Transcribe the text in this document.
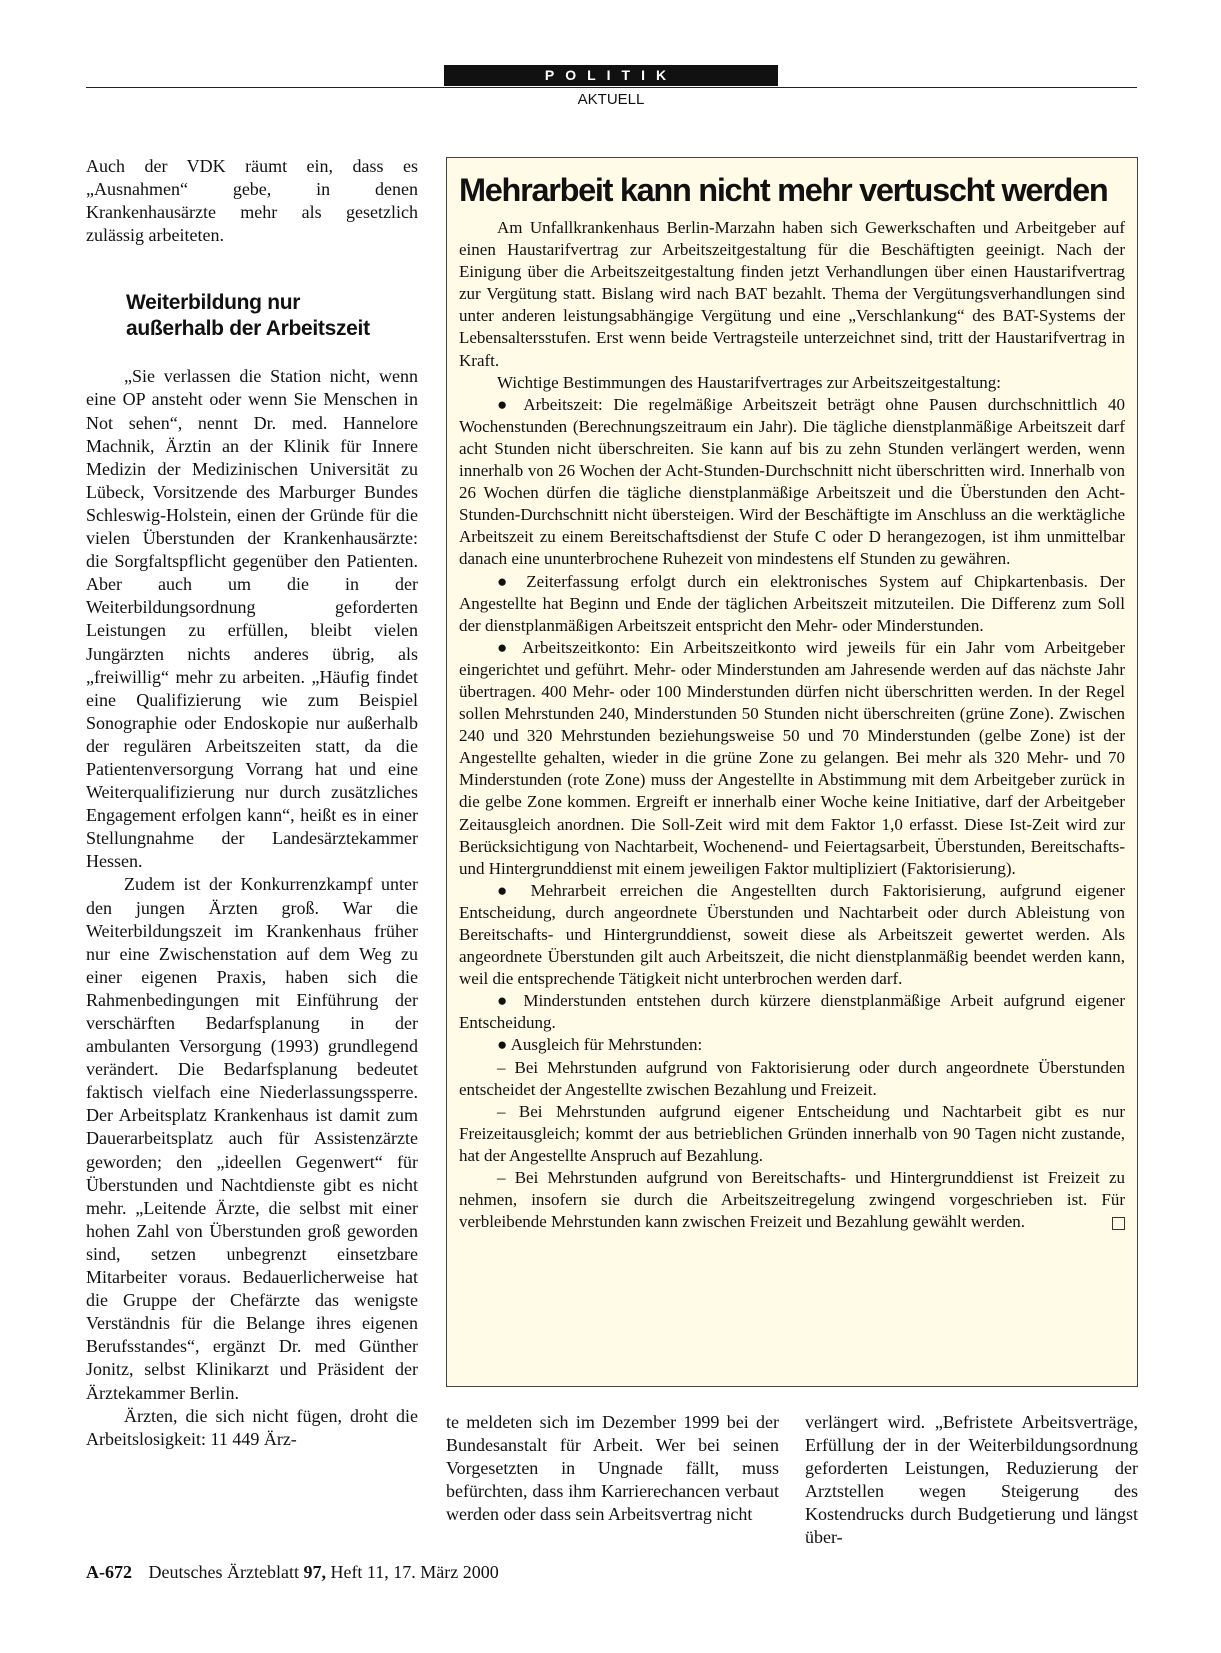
POLITIK
AKTUELL

Auch der VDK räumt ein, dass es „Ausnahmen“ gebe, in denen Krankenhausärzte mehr als gesetzlich zulässig arbeiteten.

Weiterbildung nur
außerhalb der Arbeitszeit

„Sie verlassen die Station nicht, wenn eine OP ansteht oder wenn Sie Menschen in Not sehen“, nennt Dr. med. Hannelore Machnik, Ärztin an der Klinik für Innere Medizin der Medizinischen Universität zu Lübeck, Vorsitzende des Marburger Bundes Schleswig-Holstein, einen der Gründe für die vielen Überstunden der Krankenhausärzte: die Sorgfaltspflicht gegenüber den Patienten. Aber auch um die in der Weiterbildungsordnung geforderten Leistungen zu erfüllen, bleibt vielen Jungärzten nichts anderes übrig, als „freiwillig“ mehr zu arbeiten. „Häufig findet eine Qualifizierung wie zum Beispiel Sonographie oder Endoskopie nur außerhalb der regulären Arbeitszeiten statt, da die Patientenversorgung Vorrang hat und eine Weiterqualifizierung nur durch zusätzliches Engagement erfolgen kann“, heißt es in einer Stellungnahme der Landesärztekammer Hessen.

Zudem ist der Konkurrenzkampf unter den jungen Ärzten groß. War die Weiterbildungszeit im Krankenhaus früher nur eine Zwischenstation auf dem Weg zu einer eigenen Praxis, haben sich die Rahmenbedingungen mit Einführung der verschärften Bedarfsplanung in der ambulanten Versorgung (1993) grundlegend verändert. Die Bedarfsplanung bedeutet faktisch vielfach eine Niederlassungssperre. Der Arbeitsplatz Krankenhaus ist damit zum Dauerarbeitsplatz auch für Assistenzärzte geworden; den „ideellen Gegenwert“ für Überstunden und Nachtdienste gibt es nicht mehr. „Leitende Ärzte, die selbst mit einer hohen Zahl von Überstunden groß geworden sind, setzen unbegrenzt einsetzbare Mitarbeiter voraus. Bedauerlicherweise hat die Gruppe der Chefärzte das wenigste Verständnis für die Belange ihres eigenen Berufsstandes“, ergänzt Dr. med Günther Jonitz, selbst Klinikarzt und Präsident der Ärztekammer Berlin.

Ärzten, die sich nicht fügen, droht die Arbeitslosigkeit: 11 449 Ärz-

Mehrarbeit kann nicht mehr vertuscht werden

Am Unfallkrankenhaus Berlin-Marzahn haben sich Gewerkschaften und Arbeitgeber auf einen Haustarifvertrag zur Arbeitszeitgestaltung für die Beschäftigten geeinigt. Nach der Einigung über die Arbeitszeitgestaltung finden jetzt Verhandlungen über einen Haustarifvertrag zur Vergütung statt. Bislang wird nach BAT bezahlt. Thema der Vergütungsverhandlungen sind unter anderen leistungsabhängige Vergütung und eine „Verschlankung“ des BAT-Systems der Lebensaltersstufen. Erst wenn beide Vertragsteile unterzeichnet sind, tritt der Haustarifvertrag in Kraft.

Wichtige Bestimmungen des Haustarifvertrages zur Arbeitszeitgestaltung:

● Arbeitszeit: Die regelmäßige Arbeitszeit beträgt ohne Pausen durchschnittlich 40 Wochenstunden (Berechnungszeitraum ein Jahr). Die tägliche dienstplanmäßige Arbeitszeit darf acht Stunden nicht überschreiten. Sie kann auf bis zu zehn Stunden verlängert werden, wenn innerhalb von 26 Wochen der Acht-Stunden-Durchschnitt nicht überschritten wird. Innerhalb von 26 Wochen dürfen die tägliche dienstplanmäßige Arbeitszeit und die Überstunden den Acht-Stunden-Durchschnitt nicht übersteigen. Wird der Beschäftigte im Anschluss an die werktägliche Arbeitszeit zu einem Bereitschaftsdienst der Stufe C oder D herangezogen, ist ihm unmittelbar danach eine ununterbrochene Ruhezeit von mindestens elf Stunden zu gewähren.

● Zeiterfassung erfolgt durch ein elektronisches System auf Chipkartenbasis. Der Angestellte hat Beginn und Ende der täglichen Arbeitszeit mitzuteilen. Die Differenz zum Soll der dienstplanmäßigen Arbeitszeit entspricht den Mehr- oder Minderstunden.

● Arbeitszeitkonto: Ein Arbeitszeitkonto wird jeweils für ein Jahr vom Arbeitgeber eingerichtet und geführt. Mehr- oder Minderstunden am Jahresende werden auf das nächste Jahr übertragen. 400 Mehr- oder 100 Minderstunden dürfen nicht überschritten werden. In der Regel sollen Mehrstunden 240, Minderstunden 50 Stunden nicht überschreiten (grüne Zone). Zwischen 240 und 320 Mehrstunden beziehungsweise 50 und 70 Minderstunden (gelbe Zone) ist der Angestellte gehalten, wieder in die grüne Zone zu gelangen. Bei mehr als 320 Mehr- und 70 Minderstunden (rote Zone) muss der Angestellte in Abstimmung mit dem Arbeitgeber zurück in die gelbe Zone kommen. Ergreift er innerhalb einer Woche keine Initiative, darf der Arbeitgeber Zeitausgleich anordnen. Die Soll-Zeit wird mit dem Faktor 1,0 erfasst. Diese Ist-Zeit wird zur Berücksichtigung von Nachtarbeit, Wochenend- und Feiertagsarbeit, Überstunden, Bereitschafts- und Hintergrunddienst mit einem jeweiligen Faktor multipliziert (Faktorisierung).

● Mehrarbeit erreichen die Angestellten durch Faktorisierung, aufgrund eigener Entscheidung, durch angeordnete Überstunden und Nachtarbeit oder durch Ableistung von Bereitschafts- und Hintergrunddienst, soweit diese als Arbeitszeit gewertet werden. Als angeordnete Überstunden gilt auch Arbeitszeit, die nicht dienstplanmäßig beendet werden kann, weil die entsprechende Tätigkeit nicht unterbrochen werden darf.

● Minderstunden entstehen durch kürzere dienstplanmäßige Arbeit aufgrund eigener Entscheidung.

● Ausgleich für Mehrstunden:

– Bei Mehrstunden aufgrund von Faktorisierung oder durch angeordnete Überstunden entscheidet der Angestellte zwischen Bezahlung und Freizeit.

– Bei Mehrstunden aufgrund eigener Entscheidung und Nachtarbeit gibt es nur Freizeitausgleich; kommt der aus betrieblichen Gründen innerhalb von 90 Tagen nicht zustande, hat der Angestellte Anspruch auf Bezahlung.

– Bei Mehrstunden aufgrund von Bereitschafts- und Hintergrunddienst ist Freizeit zu nehmen, insofern sie durch die Arbeitszeitregelung zwingend vorgeschrieben ist. Für verbleibende Mehrstunden kann zwischen Freizeit und Bezahlung gewählt werden.

te meldeten sich im Dezember 1999 bei der Bundesanstalt für Arbeit. Wer bei seinen Vorgesetzten in Ungnade fällt, muss befürchten, dass ihm Karrierechancen verbaut werden oder dass sein Arbeitsvertrag nicht

verlängert wird. „Befristete Arbeitsverträge, Erfüllung der in der Weiterbildungsordnung geforderten Leistungen, Reduzierung der Arztstellen wegen Steigerung des Kostendrucks durch Budgetierung und längst über-

A-672 Deutsches Ärzteblatt 97, Heft 11, 17. März 2000
